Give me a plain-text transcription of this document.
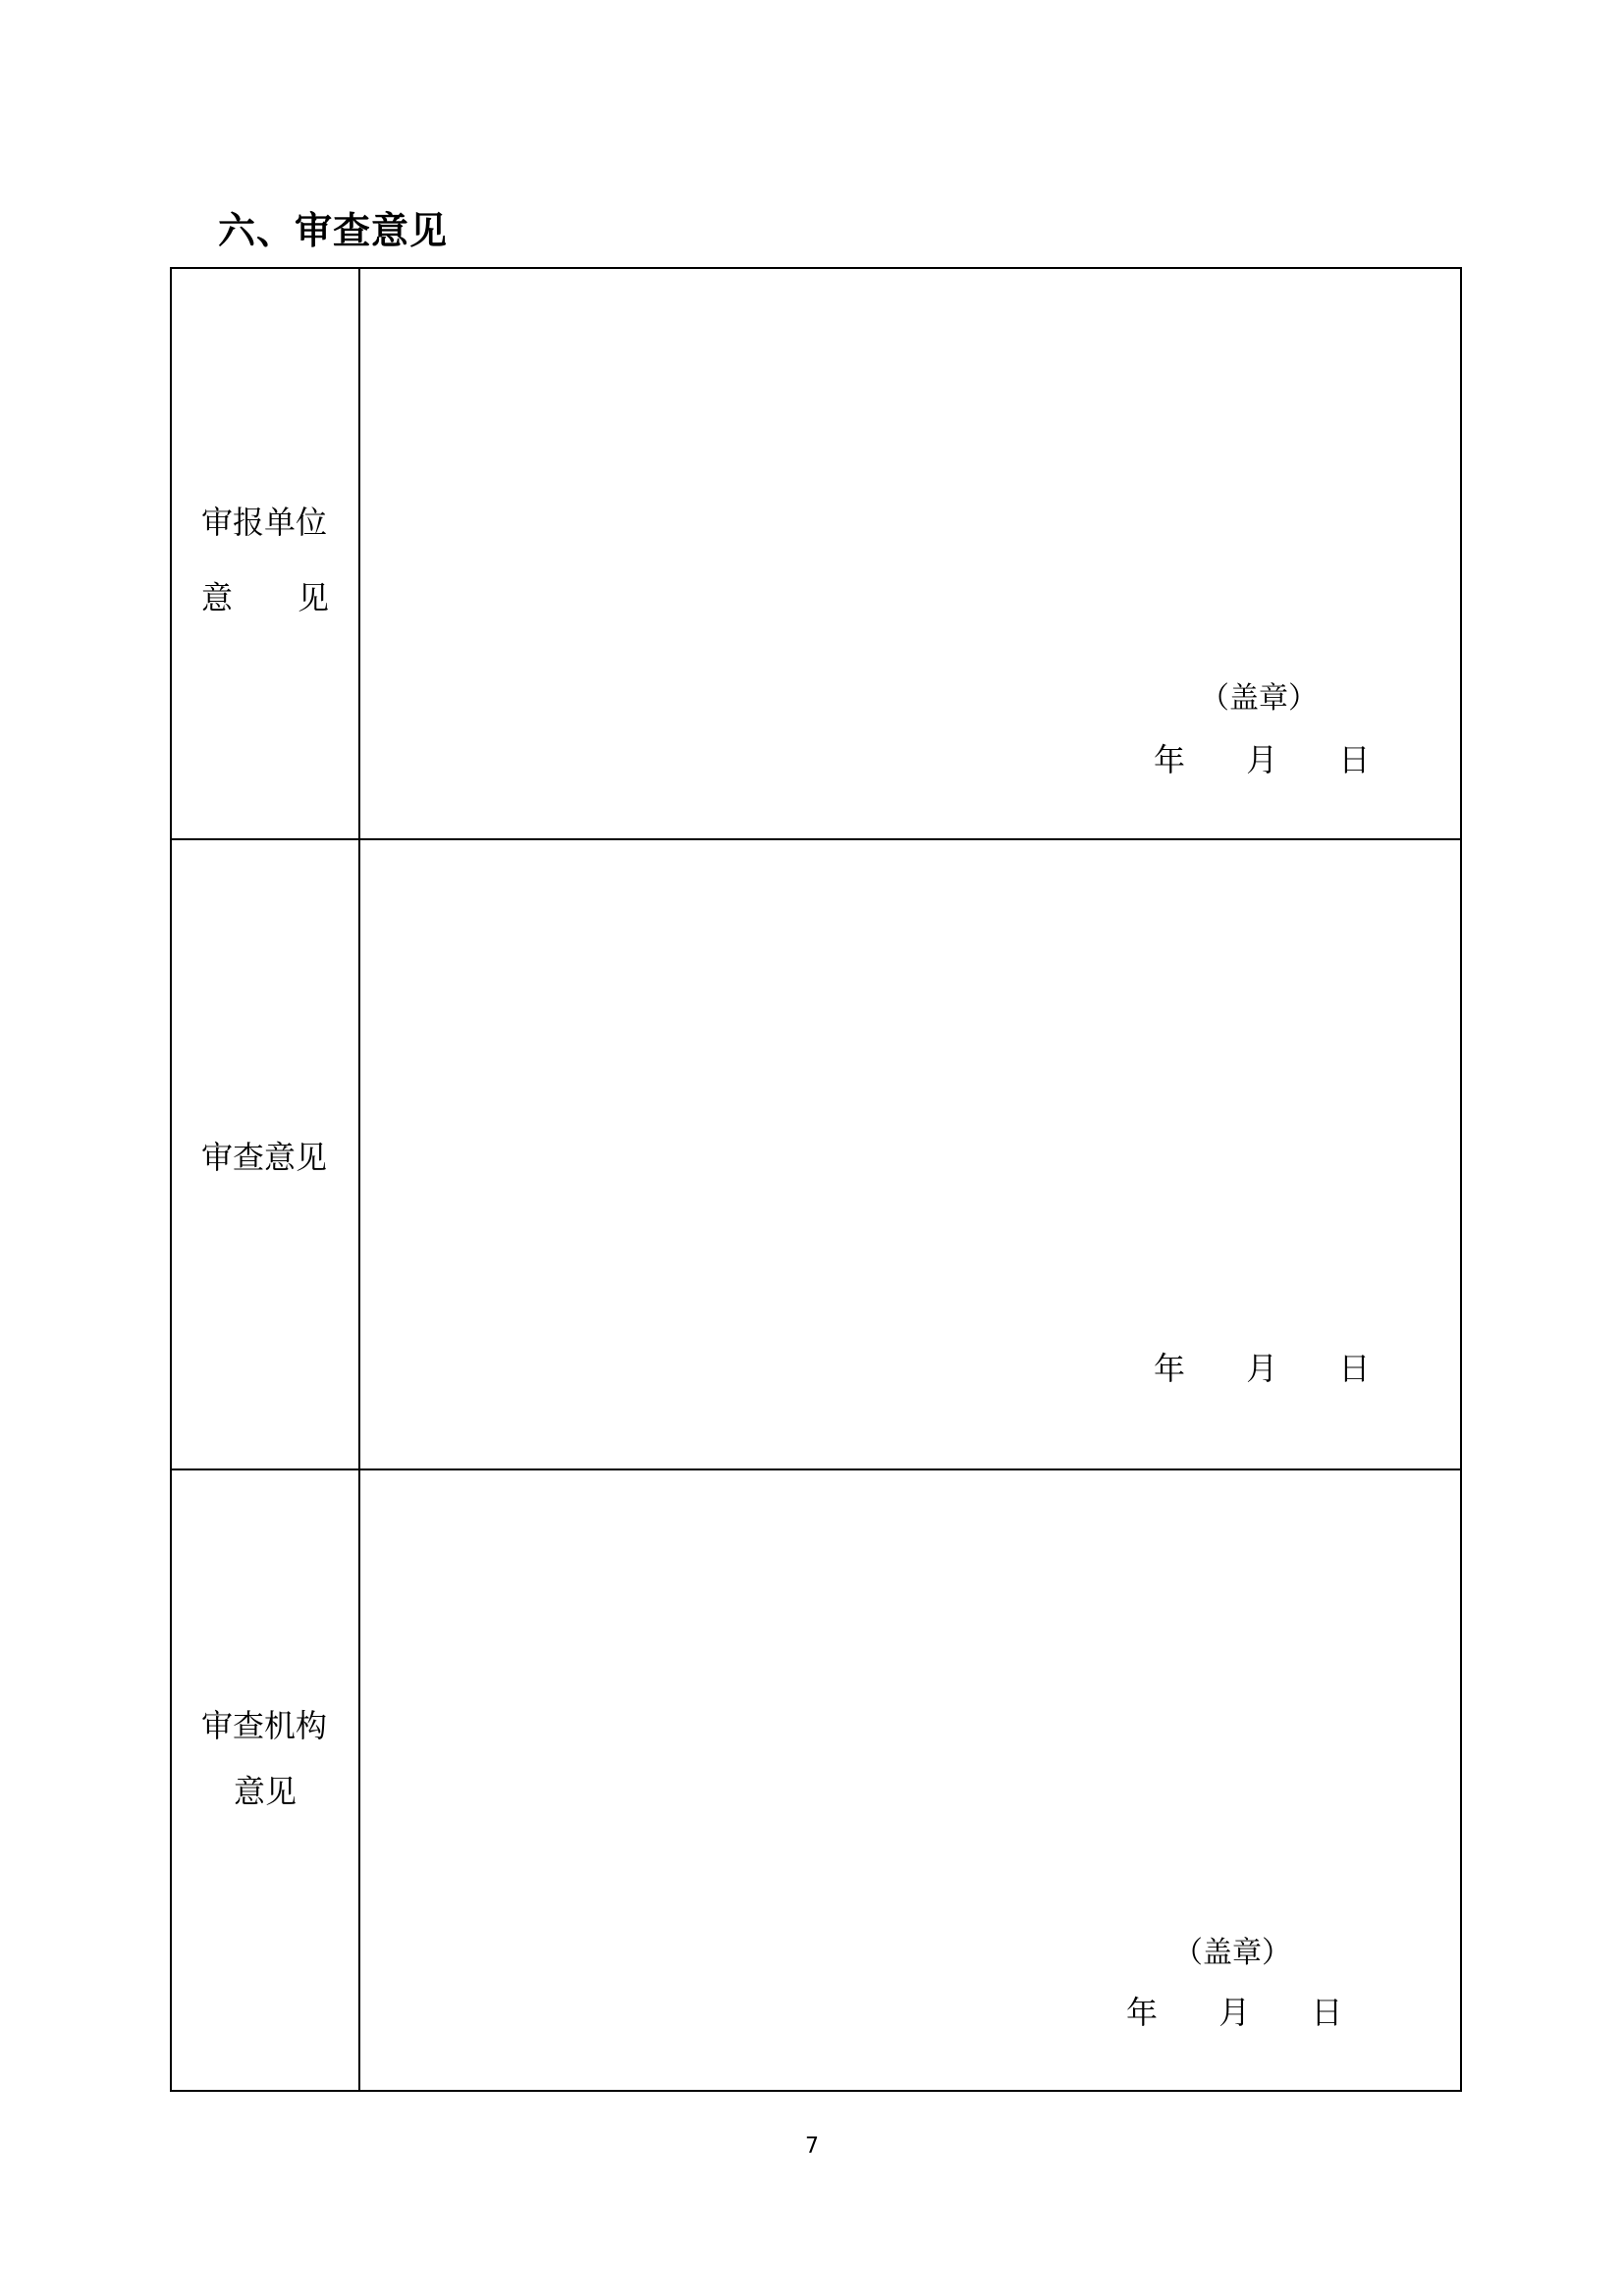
六、审查意见
审报单位
意 见
（盖章）
年 月 日
审查意见
年 月 日
审查机构
意见
（盖章）
年 月 日
7
